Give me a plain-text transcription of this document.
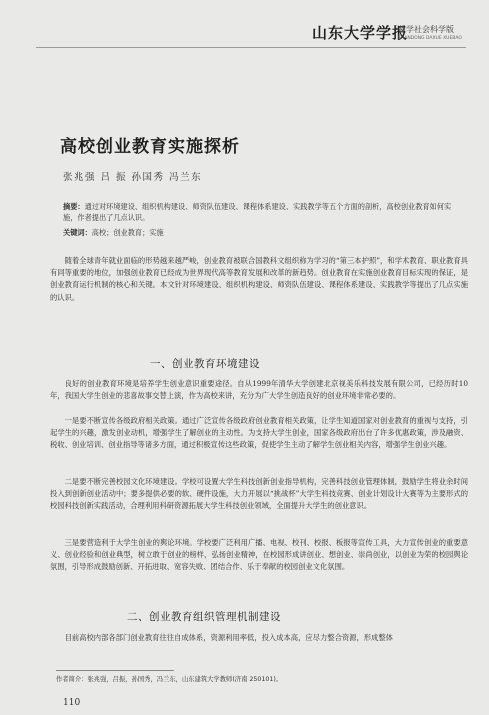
山东大学学报
哲学社会科学版
SHANDONG DAXUE XUEBAO
高校创业教育实施探析
张兆强 吕 振 孙国秀 冯兰东
摘要：通过对环境建设、组织机构建设、师资队伍建设、课程体系建设、实践教学等五个方面的剖析，高校创业教育如何实施，作者提出了几点认识。
关键词：高校；创业教育；实施
随着全球青年就业面临的形势越来越严峻，创业教育被联合国教科文组织称为学习的“第三本护照”，和学术教育、职业教育具有同等重要的地位，加强创业教育已经成为世界现代高等教育发展和改革的新趋势。创业教育在实施创业教育目标实现的保证，是创业教育运行机制的核心和关键。本文针对环境建设、组织机构建设、师资队伍建设、课程体系建设、实践教学等提出了几点实施的认识。
一、创业教育环境建设
良好的创业教育环境是培养学生创业意识重要途径。自从1999年清华大学创建北京视美乐科技发展有限公司，已经历时10年，我国大学生创业的悲喜故事交替上演，作为高校来讲，充分为广大学生创造良好的创业环境非常必要的。
一是要不断宣传各级政府相关政策。通过广泛宣传各级政府创业教育相关政策，让学生知道国家对创业教育的重视与支持，引起学生的兴趣，激发创业动机，增强学生了解创业的主动性。为支持大学生创业，国家各级政府出台了许多优惠政策，涉及融资、税收、创业培训、创业指导等诸多方面，通过积极宣传这些政策，促使学生主动了解学生创业相关内容，增强学生创业兴趣。
二是要不断完善校园文化环境建设。学校可设置大学生科技创新创业指导机构，完善科技创业管理体制，鼓励学生将业余时间投入到创新创业活动中；要多提供必要的软、硬件设施，大力开展以“挑战杯”大学生科技竞赛、创业计划设计大赛等为主要形式的校园科技创新实践活动，合理利用科研资源拓展大学生科技创业领域，全面提升大学生的创业意识。
三是要营造利于大学生创业的舆论环境。学校要广泛利用广播、电视、校刊、校报、板报等宣传工具，大力宣传创业的重要意义、创业经验和创业典型，树立敢于创业的榜样，弘扬创业精神，在校园形成讲创业、想创业、崇尚创业，以创业为荣的校园舆论氛围，引导形成鼓励创新、开拓进取、宽容失败、团结合作、乐于奉献的校园创业文化氛围。
二、创业教育组织管理机制建设
目前高校内部各部门创业教育往往自成体系，资源利用率低，投入成本高，应尽力整合资源，形成整体
作者简介：张兆强，吕振，孙国秀，冯兰东，山东建筑大学教师(济南 250101)。
110
